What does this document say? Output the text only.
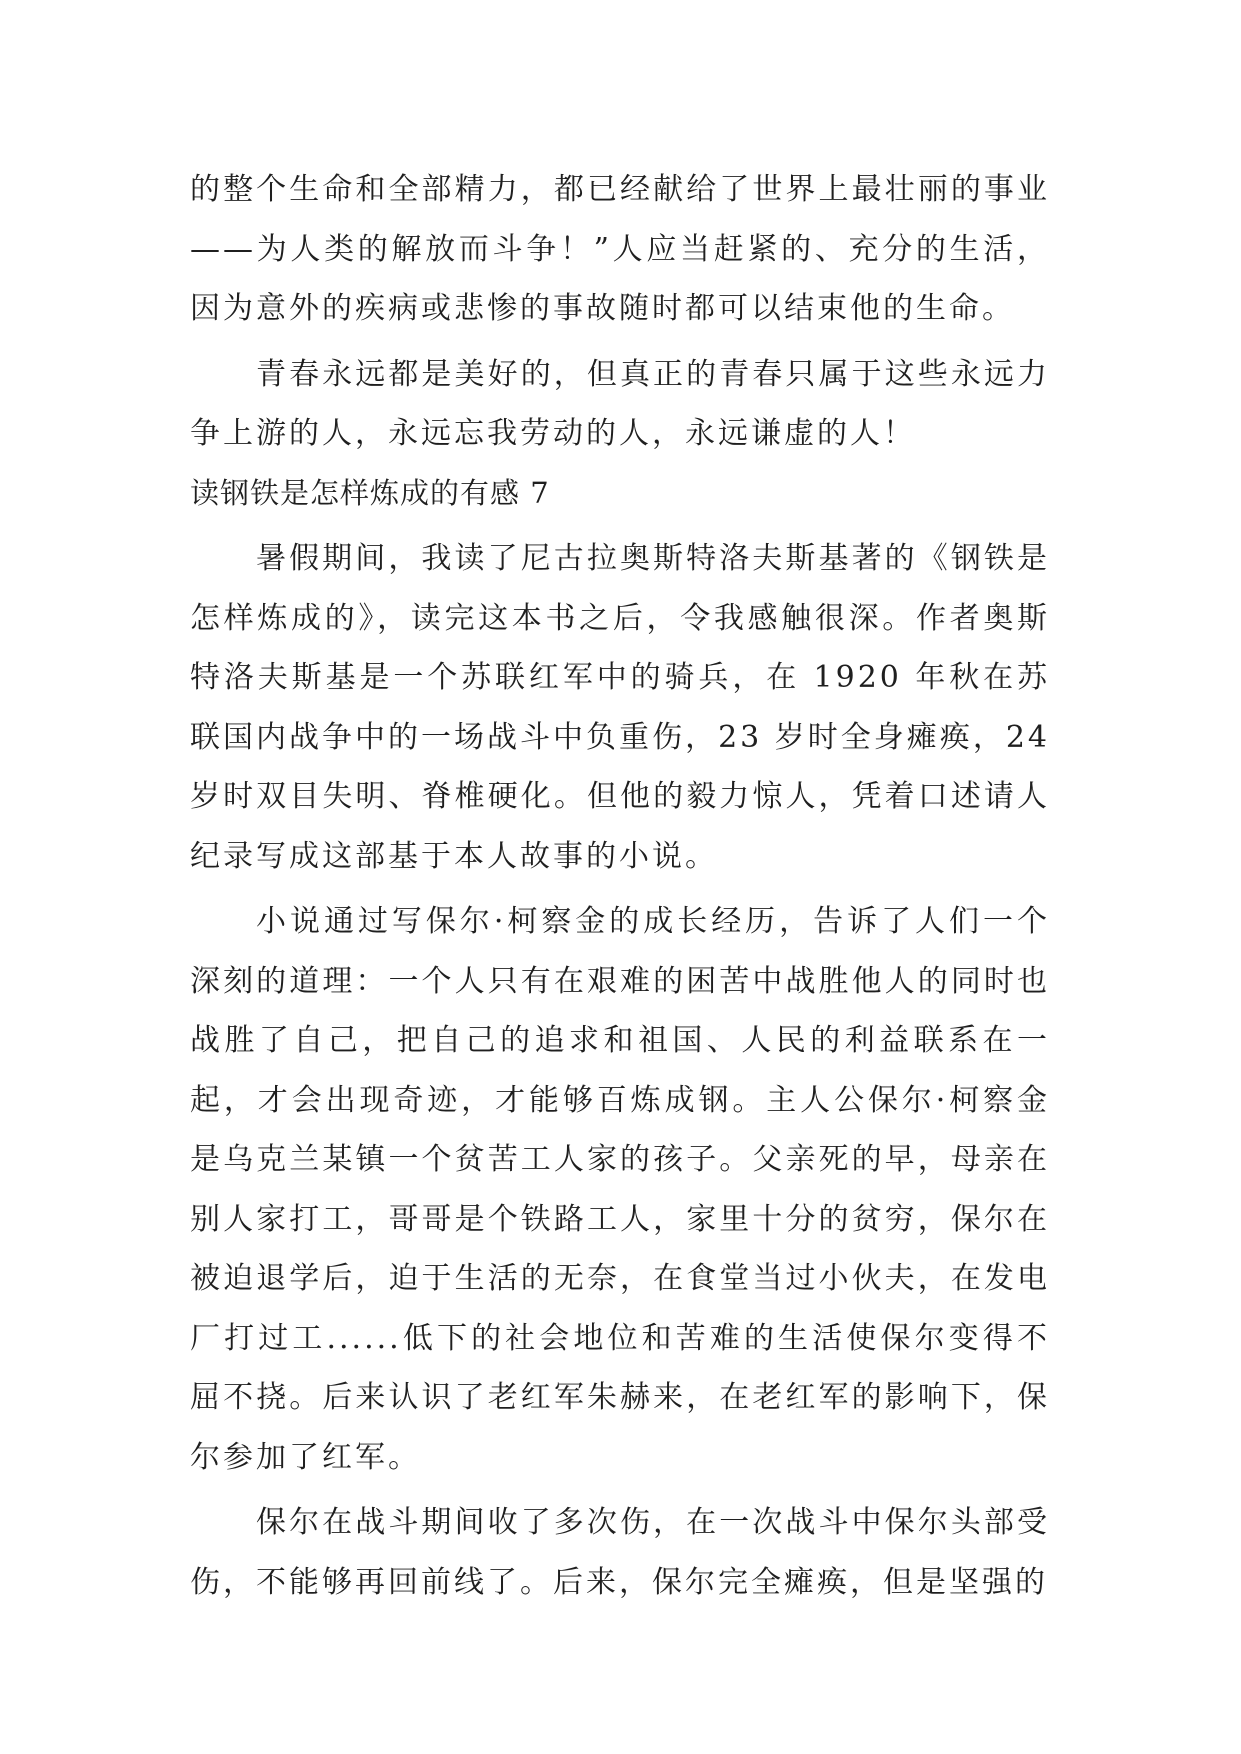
的整个生命和全部精力，都已经献给了世界上最壮丽的事业——为人类的解放而斗争！”人应当赶紧的、充分的生活，因为意外的疾病或悲惨的事故随时都可以结束他的生命。

青春永远都是美好的，但真正的青春只属于这些永远力争上游的人，永远忘我劳动的人，永远谦虚的人！

读钢铁是怎样炼成的有感 7

暑假期间，我读了尼古拉奥斯特洛夫斯基著的《钢铁是怎样炼成的》，读完这本书之后，令我感触很深。作者奥斯特洛夫斯基是一个苏联红军中的骑兵，在 1920 年秋在苏联国内战争中的一场战斗中负重伤，23 岁时全身瘫痪，24 岁时双目失明、脊椎硬化。但他的毅力惊人，凭着口述请人纪录写成这部基于本人故事的小说。

小说通过写保尔·柯察金的成长经历，告诉了人们一个深刻的道理：一个人只有在艰难的困苦中战胜他人的同时也战胜了自己，把自己的追求和祖国、人民的利益联系在一起，才会出现奇迹，才能够百炼成钢。主人公保尔·柯察金是乌克兰某镇一个贫苦工人家的孩子。父亲死的早，母亲在别人家打工，哥哥是个铁路工人，家里十分的贫穷，保尔在被迫退学后，迫于生活的无奈，在食堂当过小伙夫，在发电厂打过工......低下的社会地位和苦难的生活使保尔变得不屈不挠。后来认识了老红军朱赫来，在老红军的影响下，保尔参加了红军。

保尔在战斗期间收了多次伤，在一次战斗中保尔头部受伤，不能够再回前线了。后来，保尔完全瘫痪，但是坚强的
